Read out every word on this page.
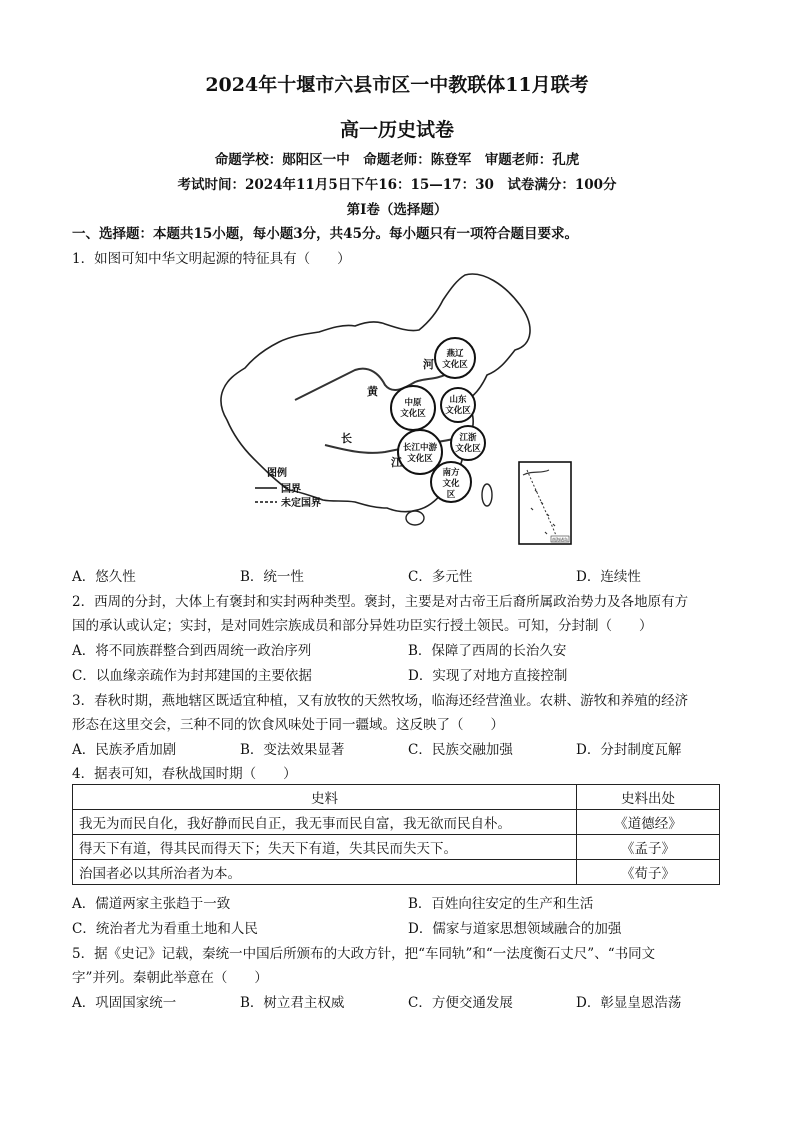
2024年十堰市六县市区一中教联体11月联考
高一历史试卷
命题学校：郧阳区一中　命题老师：陈登军　审题老师：孔虎
考试时间：2024年11月5日下午16：15—17：30　试卷满分：100分
第Ⅰ卷（选择题）
一、选择题：本题共15小题，每小题3分，共45分。每小题只有一项符合题目要求。
1．如图可知中华文明起源的特征具有（　　）
燕辽
文化区
中原
文化区
山东
文化区
长江中游
文化区
江浙
文化区
南方
文化
区
黄
河
长
江
图例
国界
未定国界
南海诸岛
A．悠久性	B．统一性	C．多元性	D．连续性
2．西周的分封，大体上有褒封和实封两种类型。褒封，主要是对古帝王后裔所属政治势力及各地原有方
国的承认或认定；实封，是对同姓宗族成员和部分异姓功臣实行授土领民。可知，分封制（　　）
A．将不同族群整合到西周统一政治序列	B．保障了西周的长治久安
C．以血缘亲疏作为封邦建国的主要依据	D．实现了对地方直接控制
3．春秋时期，燕地辖区既适宜种植，又有放牧的天然牧场，临海还经营渔业。农耕、游牧和养殖的经济
形态在这里交会，三种不同的饮食风味处于同一疆域。这反映了（　　）
A．民族矛盾加剧	B．变法效果显著	C．民族交融加强	D．分封制度瓦解
4．据表可知，春秋战国时期（　　）
史料	史料出处
我无为而民自化，我好静而民自正，我无事而民自富，我无欲而民自朴。	《道德经》
得天下有道，得其民而得天下；失天下有道，失其民而失天下。	《孟子》
治国者必以其所治者为本。	《荀子》
A．儒道两家主张趋于一致	B．百姓向往安定的生产和生活
C．统治者尤为看重土地和人民	D．儒家与道家思想领域融合的加强
5．据《史记》记载，秦统一中国后所颁布的大政方针，把“车同轨”和“一法度衡石丈尺”、“书同文
字”并列。秦朝此举意在（　　）
A．巩固国家统一	B．树立君主权威	C．方便交通发展	D．彰显皇恩浩荡
